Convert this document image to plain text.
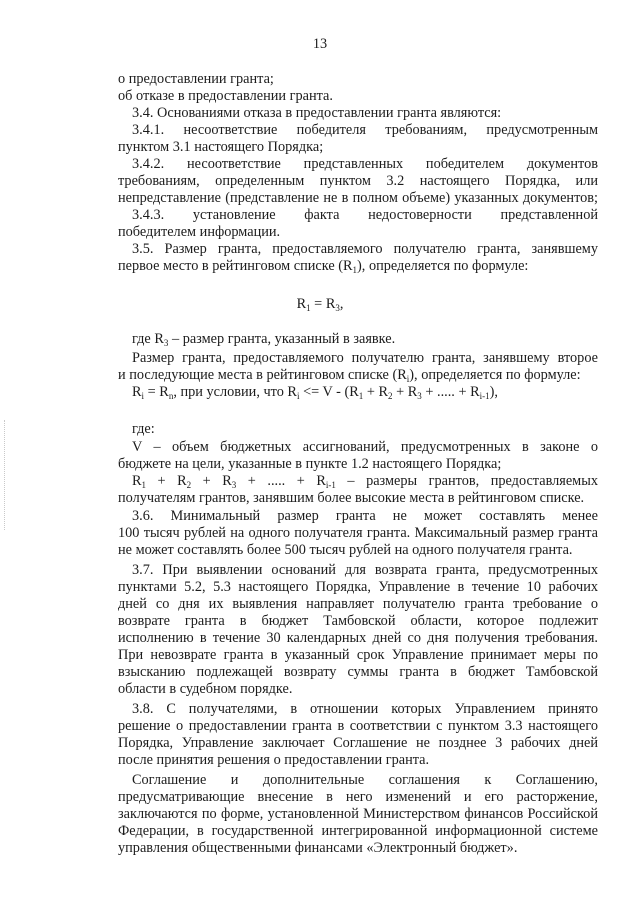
13
о предоставлении гранта;
об отказе в предоставлении гранта.
3.4. Основаниями отказа в предоставлении гранта являются:
3.4.1. несоответствие победителя требованиям, предусмотренным
пунктом 3.1 настоящего Порядка;
3.4.2. несоответствие представленных победителем документов
требованиям, определенным пунктом 3.2 настоящего Порядка, или
непредставление (представление не в полном объеме) указанных документов;
3.4.3. установление факта недостоверности представленной
победителем информации.
3.5. Размер гранта, предоставляемого получателю гранта, занявшему
первое место в рейтинговом списке $(R_1)$, определяется по формуле:
$R_1 = R_3$,
где $R_3$ – размер гранта, указанный в заявке.
Размер гранта, предоставляемого получателю гранта, занявшему второе
и последующие места в рейтинговом списке $(R_i)$, определяется по формуле:
$R_i = R_n$, при условии, что $R_i <= V - (R_1 + R_2 + R_3$ + ..... + $R_{i-1}$),
где:
V – объем бюджетных ассигнований, предусмотренных в законе о
бюджете на цели, указанные в пункте 1.2 настоящего Порядка;
$R_1 + R_2 + R_3$ + ..... + $R_{i-1}$ – размеры грантов, предоставляемых
получателям грантов, занявшим более высокие места в рейтинговом списке.
3.6. Минимальный размер гранта не может составлять менее
100 тысяч рублей на одного получателя гранта. Максимальный размер гранта
не может составлять более 500 тысяч рублей на одного получателя гранта.
3.7. При выявлении оснований для возврата гранта, предусмотренных
пунктами 5.2, 5.3 настоящего Порядка, Управление в течение 10 рабочих
дней со дня их выявления направляет получателю гранта требование о
возврате гранта в бюджет Тамбовской области, которое подлежит
исполнению в течение 30 календарных дней со дня получения требования.
При невозврате гранта в указанный срок Управление принимает меры по
взысканию подлежащей возврату суммы гранта в бюджет Тамбовской
области в судебном порядке.
3.8. С получателями, в отношении которых Управлением принято
решение о предоставлении гранта в соответствии с пунктом 3.3 настоящего
Порядка, Управление заключает Соглашение не позднее 3 рабочих дней
после принятия решения о предоставлении гранта.
Соглашение и дополнительные соглашения к Соглашению,
предусматривающие внесение в него изменений и его расторжение,
заключаются по форме, установленной Министерством финансов Российской
Федерации, в государственной интегрированной информационной системе
управления общественными финансами «Электронный бюджет».
